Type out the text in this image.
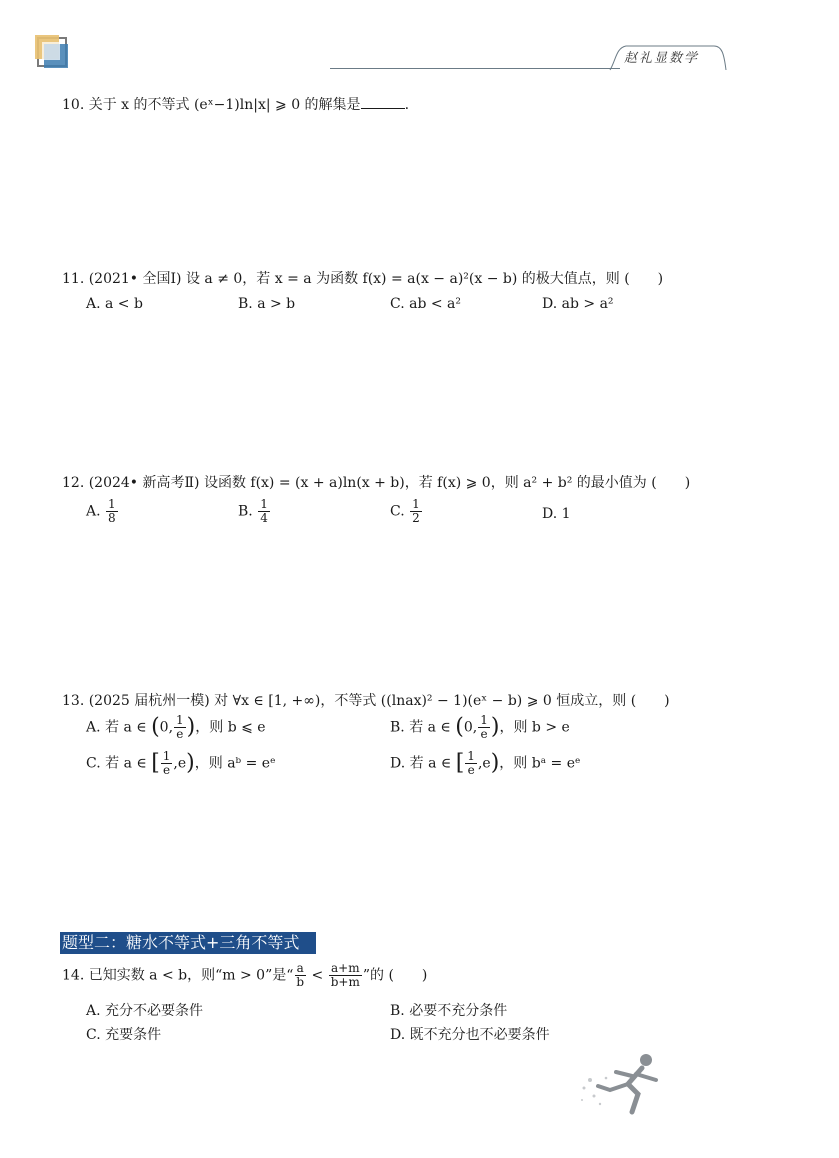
赵礼显数学
10. 关于 x 的不等式 (eˣ−1)ln|x| ⩾ 0 的解集是	.
11. (2021• 全国Ⅰ) 设 a ≠ 0，若 x = a 为函数 f(x) = a(x − a)²(x − b) 的极大值点，则 (　　)
A. a < b	B. a > b	C. ab < a²	D. ab > a²
12. (2024• 新高考Ⅱ) 设函数 f(x) = (x + a)ln(x + b)，若 f(x) ⩾ 0，则 a² + b² 的最小值为 (　　)
A. $\frac{1}{8}$	B. $\frac{1}{4}$	C. $\frac{1}{2}$	D. 1
13. (2025 届杭州一模) 对 ∀x ∈ [1, +∞)，不等式 ((lnax)² − 1)(eˣ − b) ⩾ 0 恒成立，则 (　　)
A. 若 a ∈ (0, $\frac{1}{e}$ )，则 b ⩽ e	B. 若 a ∈ (0, $\frac{1}{e}$ )，则 b > e
C. 若 a ∈ [ $\frac{1}{e} ,e$)，则 aᵇ = eᵉ	D. 若 a ∈ [ $\frac{1}{e} ,e$)，则 bᵃ = eᵉ
题型二：糖水不等式+三角不等式
14. 已知实数 a < b，则“m > 0”是“ $\frac{a}{b} < \frac{a+m}{b+m}$ ”的 (　　)
A. 充分不必要条件	B. 必要不充分条件
C. 充要条件	D. 既不充分也不必要条件
